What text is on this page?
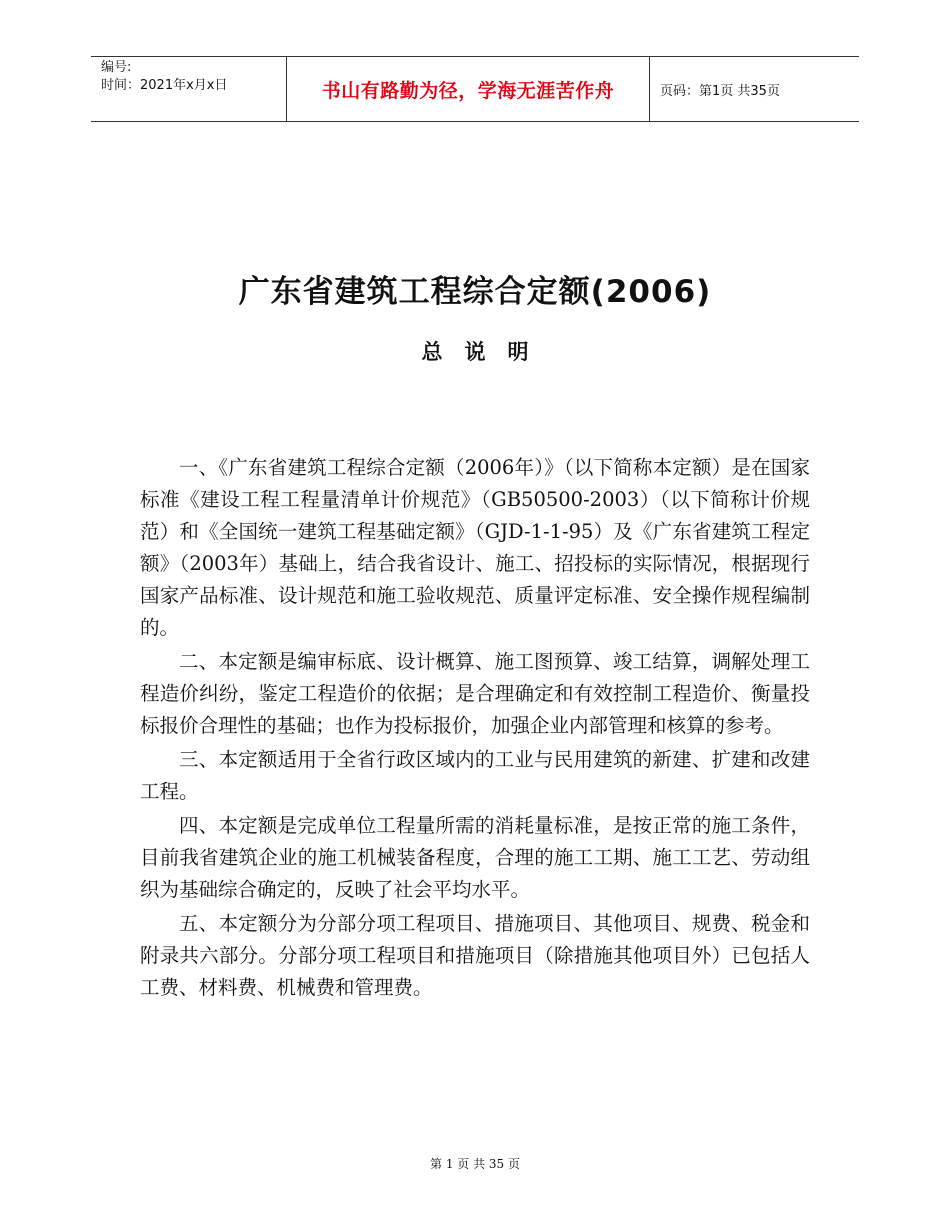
编号:
时间：2021年x月x日	书山有路勤为径，学海无涯苦作舟	页码：第1页 共35页
广东省建筑工程综合定额(2006)
总说明

一、《广东省建筑工程综合定额（2006年）》（以下简称本定额）是在国家标准《建设工程工程量清单计价规范》（GB50500-2003）（以下简称计价规范）和《全国统一建筑工程基础定额》（GJD-1-1-95）及《广东省建筑工程定额》（2003年）基础上，结合我省设计、施工、招投标的实际情况，根据现行国家产品标准、设计规范和施工验收规范、质量评定标准、安全操作规程编制的。

二、本定额是编审标底、设计概算、施工图预算、竣工结算，调解处理工程造价纠纷，鉴定工程造价的依据；是合理确定和有效控制工程造价、衡量投标报价合理性的基础；也作为投标报价，加强企业内部管理和核算的参考。

三、本定额适用于全省行政区域内的工业与民用建筑的新建、扩建和改建工程。

四、本定额是完成单位工程量所需的消耗量标准，是按正常的施工条件，目前我省建筑企业的施工机械装备程度，合理的施工工期、施工工艺、劳动组织为基础综合确定的，反映了社会平均水平。

五、本定额分为分部分项工程项目、措施项目、其他项目、规费、税金和附录共六部分。分部分项工程项目和措施项目（除措施其他项目外）已包括人工费、材料费、机械费和管理费。

第 1 页 共 35 页
